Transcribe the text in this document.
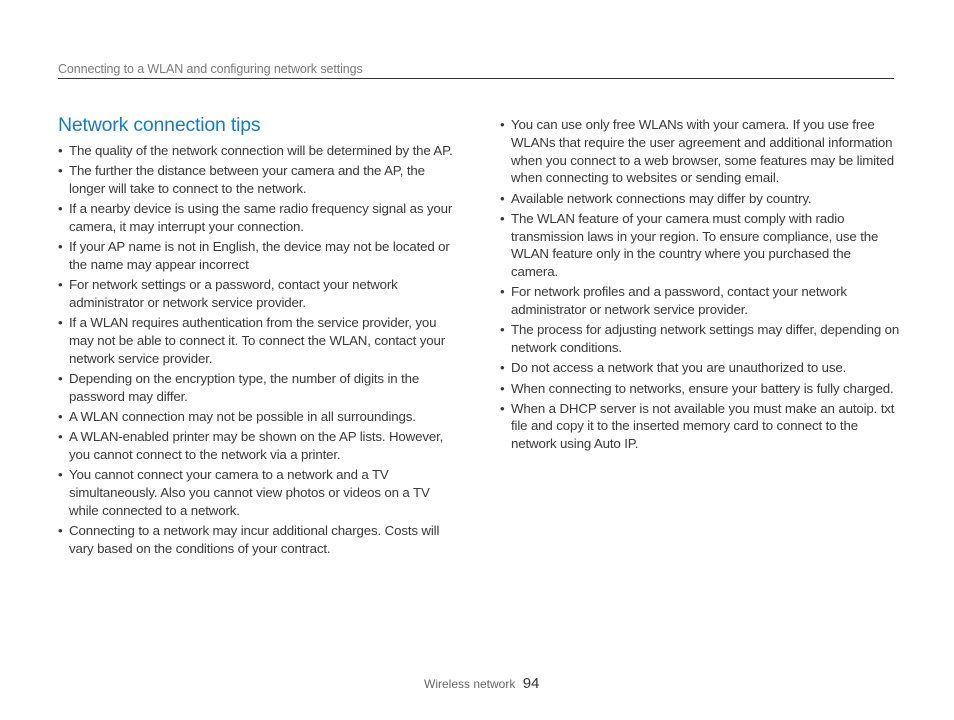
Connecting to a WLAN and configuring network settings
Network connection tips
• The quality of the network connection will be determined by the AP.
• The further the distance between your camera and the AP, the longer will take to connect to the network.
• If a nearby device is using the same radio frequency signal as your camera, it may interrupt your connection.
• If your AP name is not in English, the device may not be located or the name may appear incorrect
• For network settings or a password, contact your network administrator or network service provider.
• If a WLAN requires authentication from the service provider, you may not be able to connect it. To connect the WLAN, contact your network service provider.
• Depending on the encryption type, the number of digits in the password may differ.
• A WLAN connection may not be possible in all surroundings.
• A WLAN-enabled printer may be shown on the AP lists. However, you cannot connect to the network via a printer.
• You cannot connect your camera to a network and a TV simultaneously. Also you cannot view photos or videos on a TV while connected to a network.
• Connecting to a network may incur additional charges. Costs will vary based on the conditions of your contract.
• You can use only free WLANs with your camera. If you use free WLANs that require the user agreement and additional information when you connect to a web browser, some features may be limited when connecting to websites or sending email.
• Available network connections may differ by country.
• The WLAN feature of your camera must comply with radio transmission laws in your region. To ensure compliance, use the WLAN feature only in the country where you purchased the camera.
• For network profiles and a password, contact your network administrator or network service provider.
• The process for adjusting network settings may differ, depending on network conditions.
• Do not access a network that you are unauthorized to use.
• When connecting to networks, ensure your battery is fully charged.
• When a DHCP server is not available you must make an autoip. txt file and copy it to the inserted memory card to connect to the network using Auto IP.
Wireless network 94
